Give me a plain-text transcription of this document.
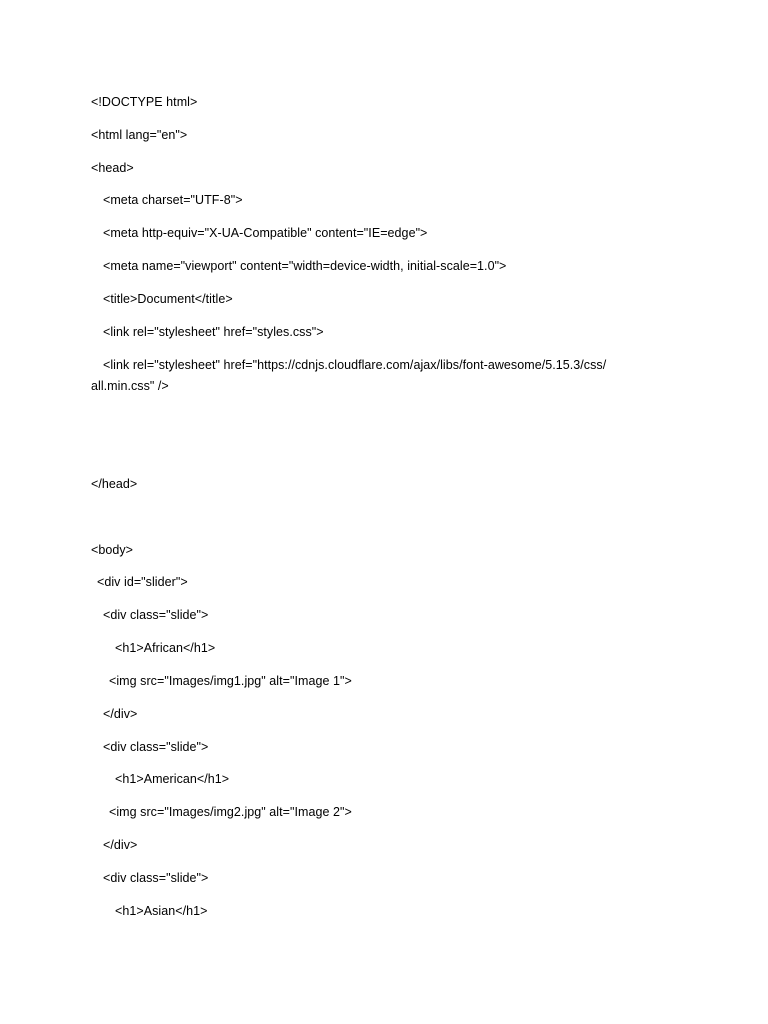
<!DOCTYPE html>
<html lang="en">
<head>
<meta charset="UTF-8">
<meta http-equiv="X-UA-Compatible" content="IE=edge">
<meta name="viewport" content="width=device-width, initial-scale=1.0">
<title>Document</title>
<link rel="stylesheet" href="styles.css">
<link rel="stylesheet" href="https://cdnjs.cloudflare.com/ajax/libs/font-awesome/5.15.3/css/
all.min.css" />
</head>
<body>
<div id="slider">
<div class="slide">
<h1>African</h1>
<img src="Images/img1.jpg" alt="Image 1">
</div>
<div class="slide">
<h1>American</h1>
<img src="Images/img2.jpg" alt="Image 2">
</div>
<div class="slide">
<h1>Asian</h1>
